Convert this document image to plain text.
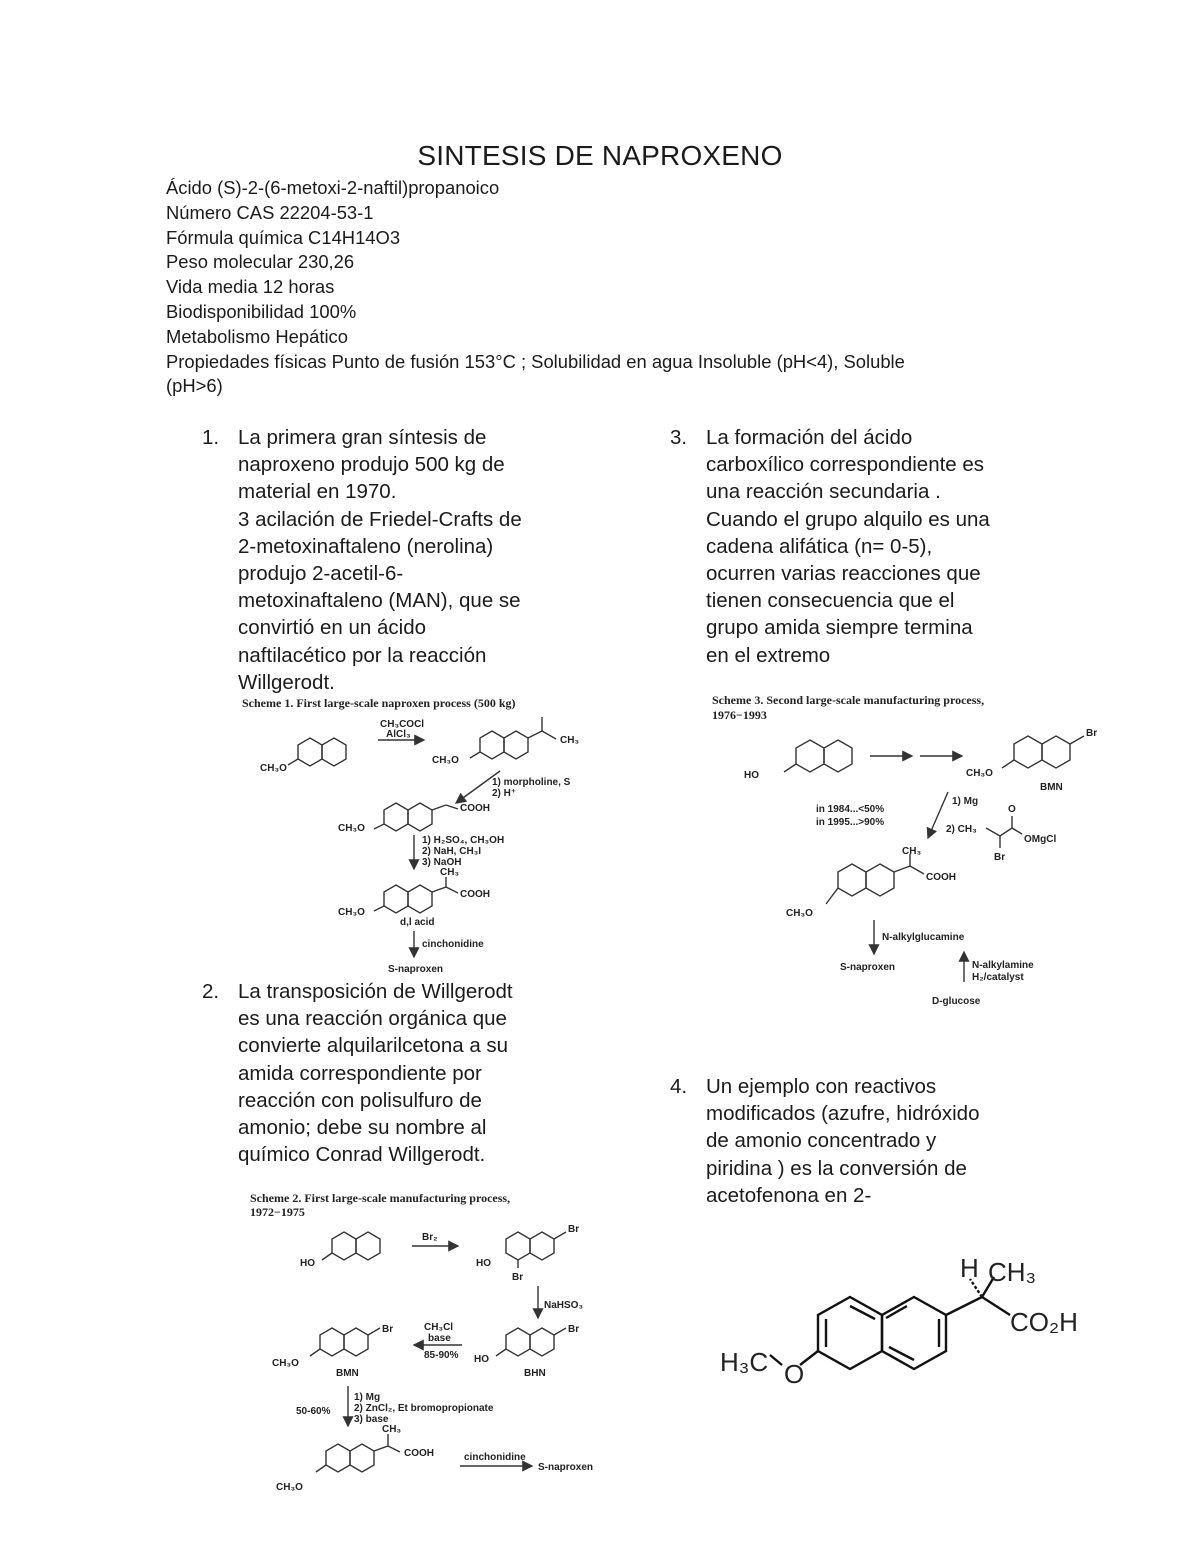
SINTESIS DE NAPROXENO
Ácido (S)-2-(6-metoxi-2-naftil)propanoico
Número CAS 22204-53-1
Fórmula química C14H14O3
Peso molecular 230,26
Vida media 12 horas
Biodisponibilidad 100%
Metabolismo Hepático
Propiedades físicas Punto de fusión 153°C ; Solubilidad en agua Insoluble (pH<4), Soluble (pH>6)
1. La primera gran síntesis de
naproxeno produjo 500 kg de
material en 1970.
3 acilación de Friedel-Crafts de
2-metoxinaftaleno (nerolina)
produjo 2-acetil-6-
metoxinaftaleno (MAN), que se
convirtió en un ácido
naftilacético por la reacción
Willgerodt.
2. La transposición de Willgerodt
es una reacción orgánica que
convierte alquilarilcetona a su
amida correspondiente por
reacción con polisulfuro de
amonio; debe su nombre al
químico Conrad Willgerodt.
3. La formación del ácido
carboxílico correspondiente es
una reacción secundaria .
Cuando el grupo alquilo es una
cadena alifática (n= 0-5),
ocurren varias reacciones que
tienen consecuencia que el
grupo amida siempre termina
en el extremo
4. Un ejemplo con reactivos
modificados (azufre, hidróxido
de amonio concentrado y
piridina ) es la conversión de
acetofenona en 2-
Scheme 1. First large-scale naproxen process (500 kg)
CH₃O
CH₃COCl
AlCl₃
CH₃O
CH₃
1) morpholine, S
2) H⁺
CH₃O
COOH
1) H₂SO₄, CH₃OH
2) NaH, CH₃I
3) NaOH
CH₃O
CH₃
COOH
d,l acid
cinchonidine
S-naproxen
Scheme 2. First large-scale manufacturing process,
1972−1975
HO
Br₂
Br
HO
Br
NaHSO₃
Br
HO
BHN
CH₃Cl
base
85-90%
Br
CH₃O
BMN
1) Mg
2) ZnCl₂, Et bromopropionate
3) base
50-60%
CH₃O
CH₃
COOH	cinchonidine
S-naproxen
Scheme 3. Second large-scale manufacturing process,
1976−1993
HO
Br
CH₃O
BMN
in 1984...<50%
in 1995...>90%
1) Mg
2) CH₃
O
OMgCl
Br
CH₃O
CH₃
COOH
N-alkylglucamine
S-naproxen	N-alkylamine
H₂/catalyst
D-glucose
H₃C O
H CH₃
CO₂H
